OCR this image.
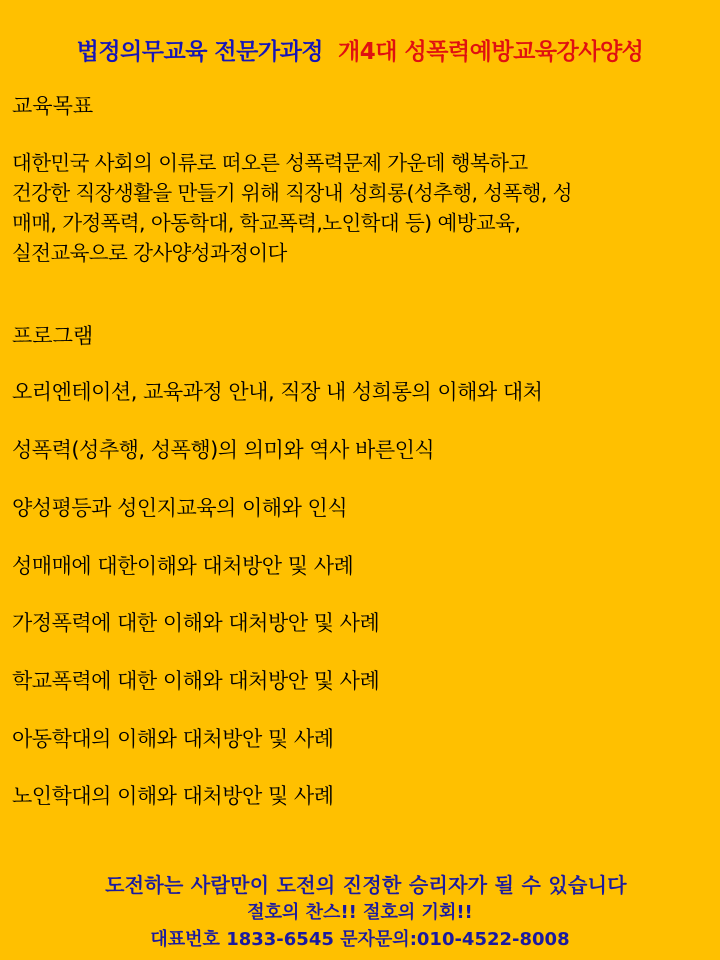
법정의무교육 전문가과정 개4대 성폭력예방교육강사양성
교육목표
대한민국 사회의 이류로 떠오른 성폭력문제 가운데 행복하고
건강한 직장생활을 만들기 위해 직장내 성희롱(성추행, 성폭행, 성
매매, 가정폭력, 아동학대, 학교폭력,노인학대 등) 예방교육,
실전교육으로 강사양성과정이다
프로그램
오리엔테이션, 교육과정 안내, 직장 내 성희롱의 이해와 대처
성폭력(성추행, 성폭행)의 의미와 역사 바른인식
양성평등과 성인지교육의 이해와 인식
성매매에 대한이해와 대처방안 및 사례
가정폭력에 대한 이해와 대처방안 및 사례
학교폭력에 대한 이해와 대처방안 및 사례
아동학대의 이해와 대처방안 및 사례
노인학대의 이해와 대처방안 및 사례
도전하는 사람만이 도전의 진정한 승리자가 될 수 있습니다
절호의 찬스!! 절호의 기회!!
대표번호 1833-6545 문자문의:010-4522-8008
